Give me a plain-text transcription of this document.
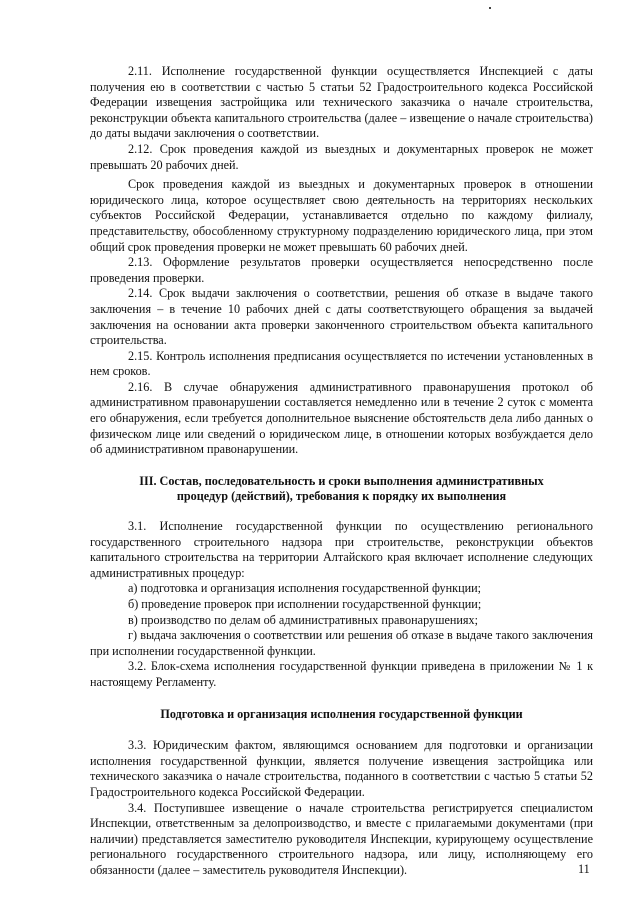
2.11. Исполнение государственной функции осуществляется Инспекцией с даты получения ею в соответствии с частью 5 статьи 52 Градостроительного кодекса Российской Федерации извещения застройщика или технического заказчика о начале строительства, реконструкции объекта капитального строительства (далее – извещение о начале строительства) до даты выдачи заключения о соответствии.

2.12. Срок проведения каждой из выездных и документарных проверок не может превышать 20 рабочих дней.

Срок проведения каждой из выездных и документарных проверок в отношении юридического лица, которое осуществляет свою деятельность на территориях нескольких субъектов Российской Федерации, устанавливается отдельно по каждому филиалу, представительству, обособленному структурному подразделению юридического лица, при этом общий срок проведения проверки не может превышать 60 рабочих дней.

2.13. Оформление результатов проверки осуществляется непосредственно после проведения проверки.

2.14. Срок выдачи заключения о соответствии, решения об отказе в выдаче такого заключения – в течение 10 рабочих дней с даты соответствующего обращения за выдачей заключения на основании акта проверки законченного строительством объекта капитального строительства.

2.15. Контроль исполнения предписания осуществляется по истечении установленных в нем сроков.

2.16. В случае обнаружения административного правонарушения протокол об административном правонарушении составляется немедленно или в течение 2 суток с момента его обнаружения, если требуется дополнительное выяснение обстоятельств дела либо данных о физическом лице или сведений о юридическом лице, в отношении которых возбуждается дело об административном правонарушении.

III. Состав, последовательность и сроки выполнения административных
процедур (действий), требования к порядку их выполнения

3.1. Исполнение государственной функции по осуществлению регионального государственного строительного надзора при строительстве, реконструкции объектов капитального строительства на территории Алтайского края включает исполнение следующих административных процедур:

а) подготовка и организация исполнения государственной функции;

б) проведение проверок при исполнении государственной функции;

в) производство по делам об административных правонарушениях;

г) выдача заключения о соответствии или решения об отказе в выдаче такого заключения при исполнении государственной функции.

3.2. Блок-схема исполнения государственной функции приведена в приложении № 1 к настоящему Регламенту.

Подготовка и организация исполнения государственной функции

3.3. Юридическим фактом, являющимся основанием для подготовки и организации исполнения государственной функции, является получение извещения застройщика или технического заказчика о начале строительства, поданного в соответствии с частью 5 статьи 52 Градостроительного кодекса Российской Федерации.

3.4. Поступившее извещение о начале строительства регистрируется специалистом Инспекции, ответственным за делопроизводство, и вместе с прилагаемыми документами (при наличии) представляется заместителю руководителя Инспекции, курирующему осуществление регионального государственного строительного надзора, или лицу, исполняющему его обязанности (далее – заместитель руководителя Инспекции).	11
